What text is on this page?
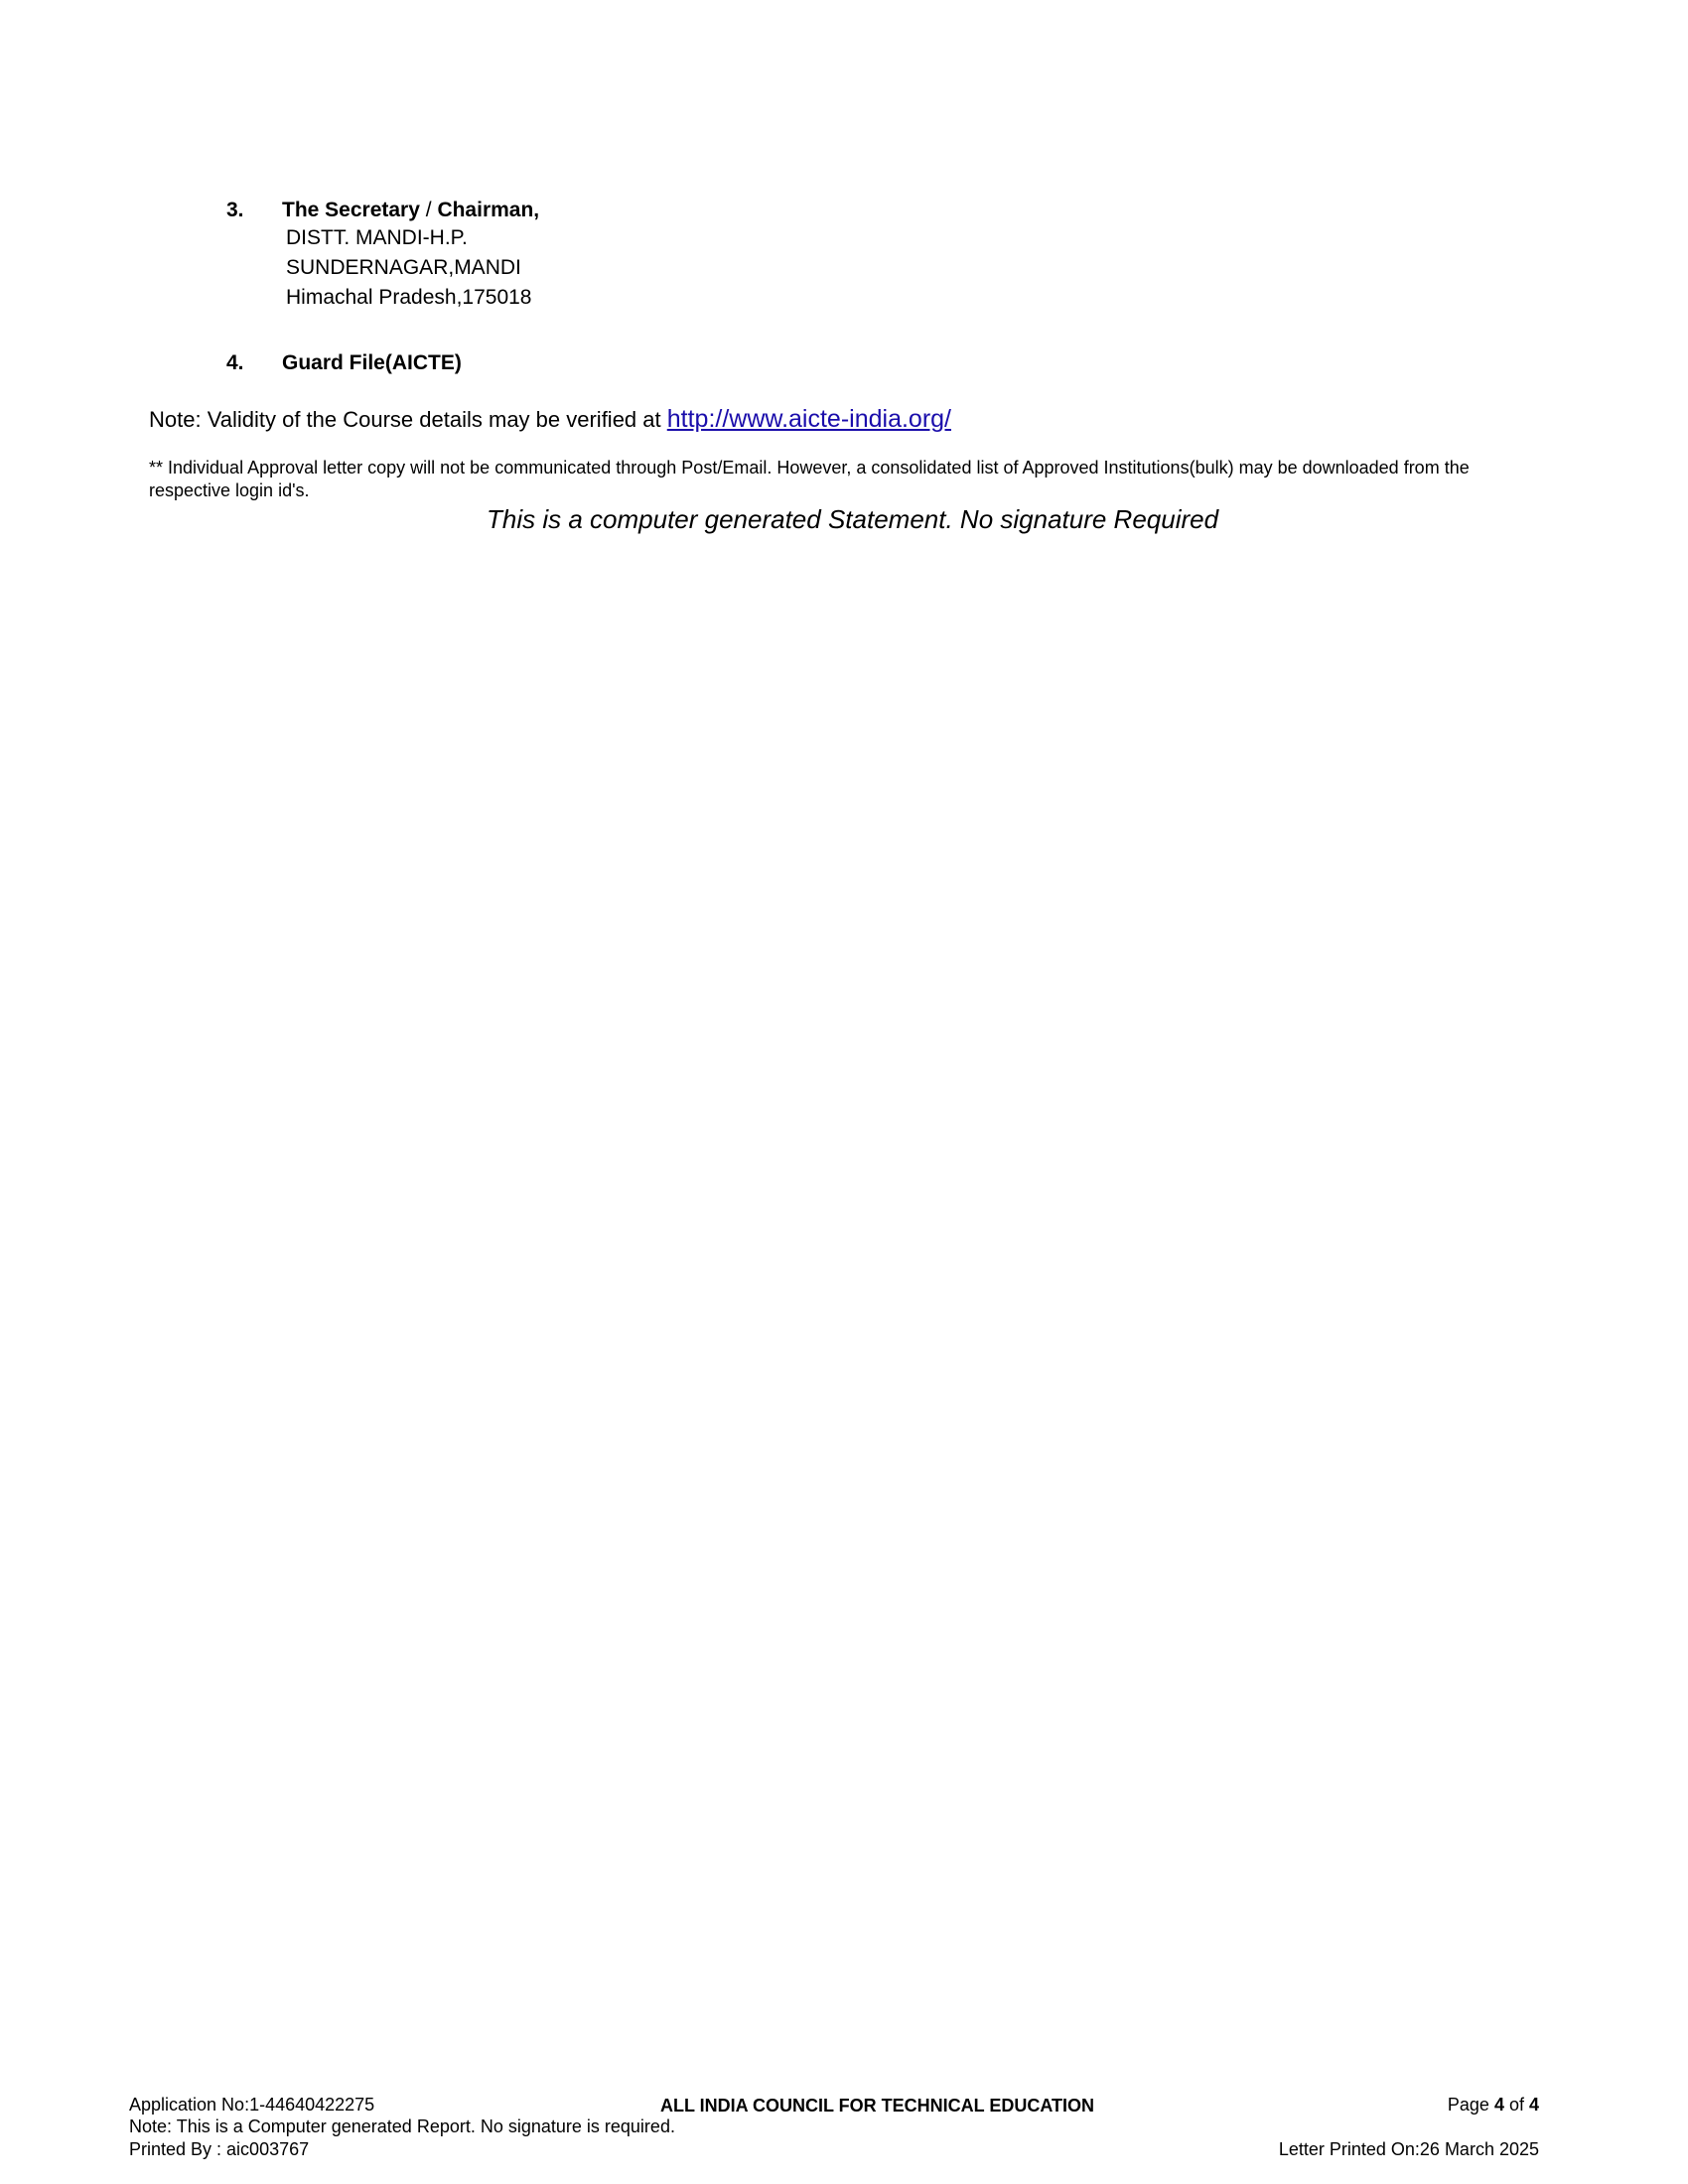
3. The Secretary / Chairman,
DISTT. MANDI-H.P.
SUNDERNAGAR,MANDI
Himachal Pradesh,175018
4. Guard File(AICTE)
Note: Validity of the Course details may be verified at http://www.aicte-india.org/
** Individual Approval letter copy will not be communicated through Post/Email. However, a consolidated list of Approved Institutions(bulk) may be downloaded from the respective login id's.
This is a computer generated Statement. No signature Required
Application No:1-44640422275	ALL INDIA COUNCIL FOR TECHNICAL EDUCATION	Page 4 of 4
Note: This is a Computer generated Report. No signature is required.
Printed By : aic003767	Letter Printed On:26 March 2025
